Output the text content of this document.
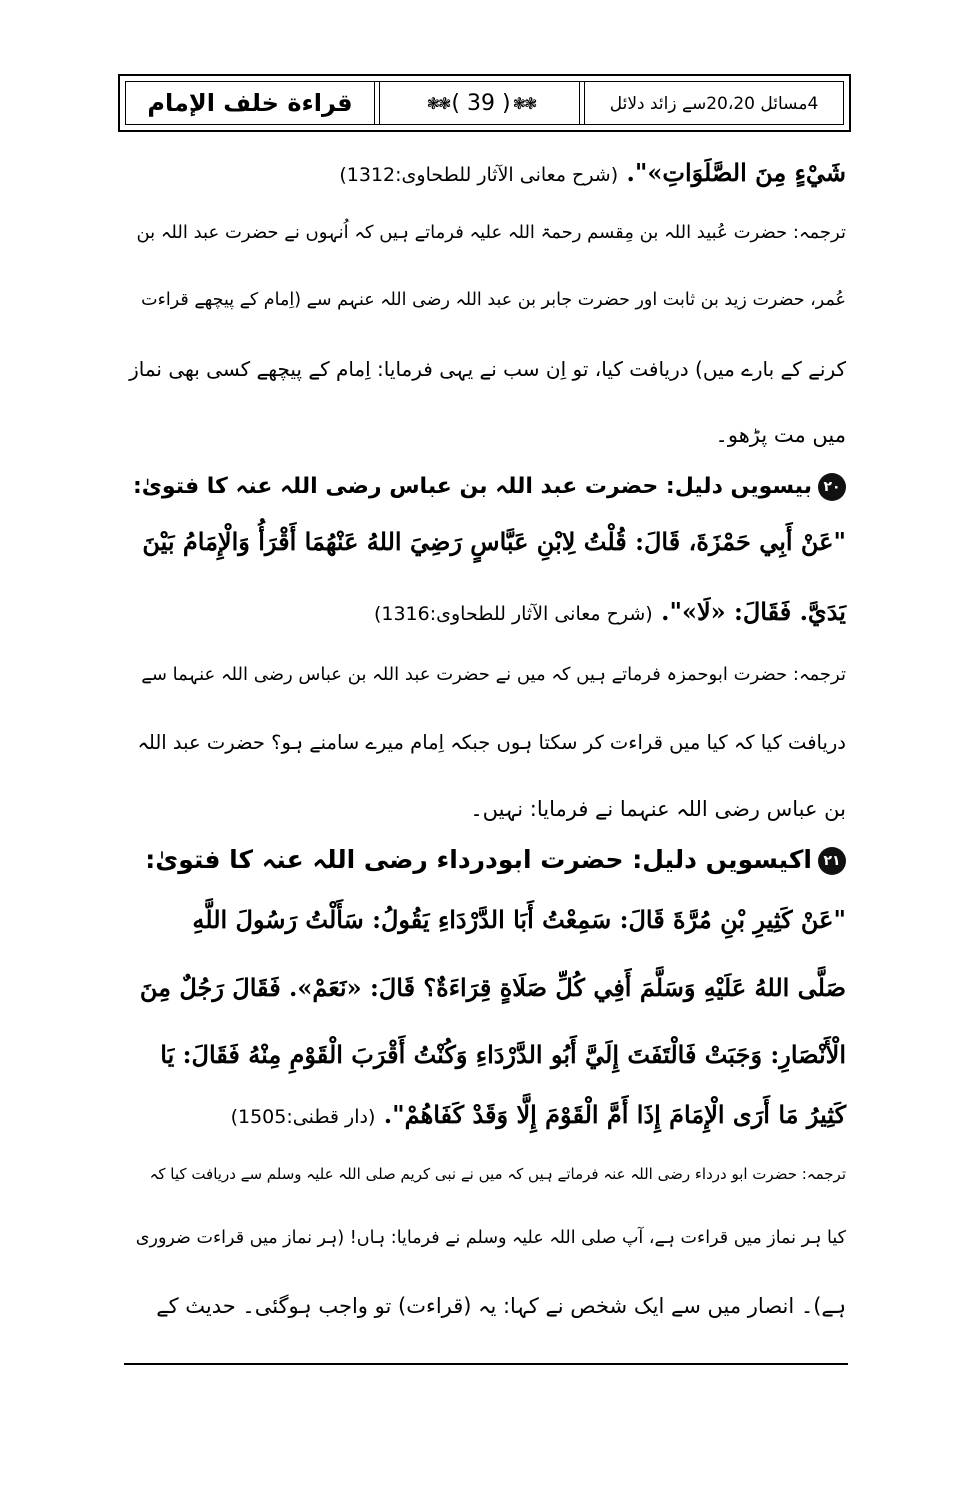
4مسائل 20،20سے زائد دلائل
❃❃
( 39 )
❃❃
قراءة خلف الإمام
شَيْءٍ مِنَ الصَّلَوَاتِ»". (شرح معانی الآثار للطحاوی:1312)
ترجمہ: حضرت عُبید اللہ بن مِقسم رحمۃ اللہ علیہ فرماتے ہیں کہ اُنہوں نے حضرت عبد اللہ بن
عُمر، حضرت زید بن ثابت اور حضرت جابر بن عبد اللہ رضی اللہ عنہم سے (اِمام کے پیچھے قراءت
کرنے کے بارے میں) دریافت کیا، تو اِن سب نے یہی فرمایا: اِمام کے پیچھے کسی بھی نماز
میں مت پڑھو۔
٢٠بیسویں دلیل: حضرت عبد اللہ بن عباس رضی اللہ عنہ کا فتویٰ:
"عَنْ أَبِي حَمْزَةَ، قَالَ: قُلْتُ لِابْنِ عَبَّاسٍ رَضِيَ اللهُ عَنْهُمَا أَقْرَأُ وَالْإِمَامُ بَيْنَ
يَدَيَّ. فَقَالَ: «لَا»". (شرح معانی الآثار للطحاوی:1316)
ترجمہ: حضرت ابوحمزہ فرماتے ہیں کہ میں نے حضرت عبد اللہ بن عباس رضی اللہ عنہما سے
دریافت کیا کہ کیا میں قراءت کر سکتا ہوں جبکہ اِمام میرے سامنے ہو؟ حضرت عبد اللہ
بن عباس رضی اللہ عنہما نے فرمایا: نہیں۔
٢١اکیسویں دلیل: حضرت ابودرداء رضی اللہ عنہ کا فتویٰ:
"عَنْ كَثِيرِ بْنِ مُرَّةَ قَالَ: سَمِعْتُ أَبَا الدَّرْدَاءِ يَقُولُ: سَأَلْتُ رَسُولَ اللَّهِ
صَلَّى اللهُ عَلَيْهِ وَسَلَّمَ أَفِي كُلِّ صَلَاةٍ قِرَاءَةٌ؟ قَالَ: «نَعَمْ». فَقَالَ رَجُلٌ مِنَ
الْأَنْصَارِ: وَجَبَتْ فَالْتَفَتَ إِلَيَّ أَبُو الدَّرْدَاءِ وَكُنْتُ أَقْرَبَ الْقَوْمِ مِنْهُ فَقَالَ: يَا
كَثِيرُ مَا أَرَى الْإِمَامَ إِذَا أَمَّ الْقَوْمَ إِلَّا وَقَدْ كَفَاهُمْ". (دار قطنی:1505)
ترجمہ: حضرت ابو درداء رضی اللہ عنہ فرماتے ہیں کہ میں نے نبی کریم صلی اللہ علیہ وسلم سے دریافت کیا کہ
کیا ہر نماز میں قراءت ہے، آپ صلی اللہ علیہ وسلم نے فرمایا: ہاں! (ہر نماز میں قراءت ضروری
ہے)۔ انصار میں سے ایک شخص نے کہا: یہ (قراءت) تو واجب ہوگئی۔ حدیث کے
